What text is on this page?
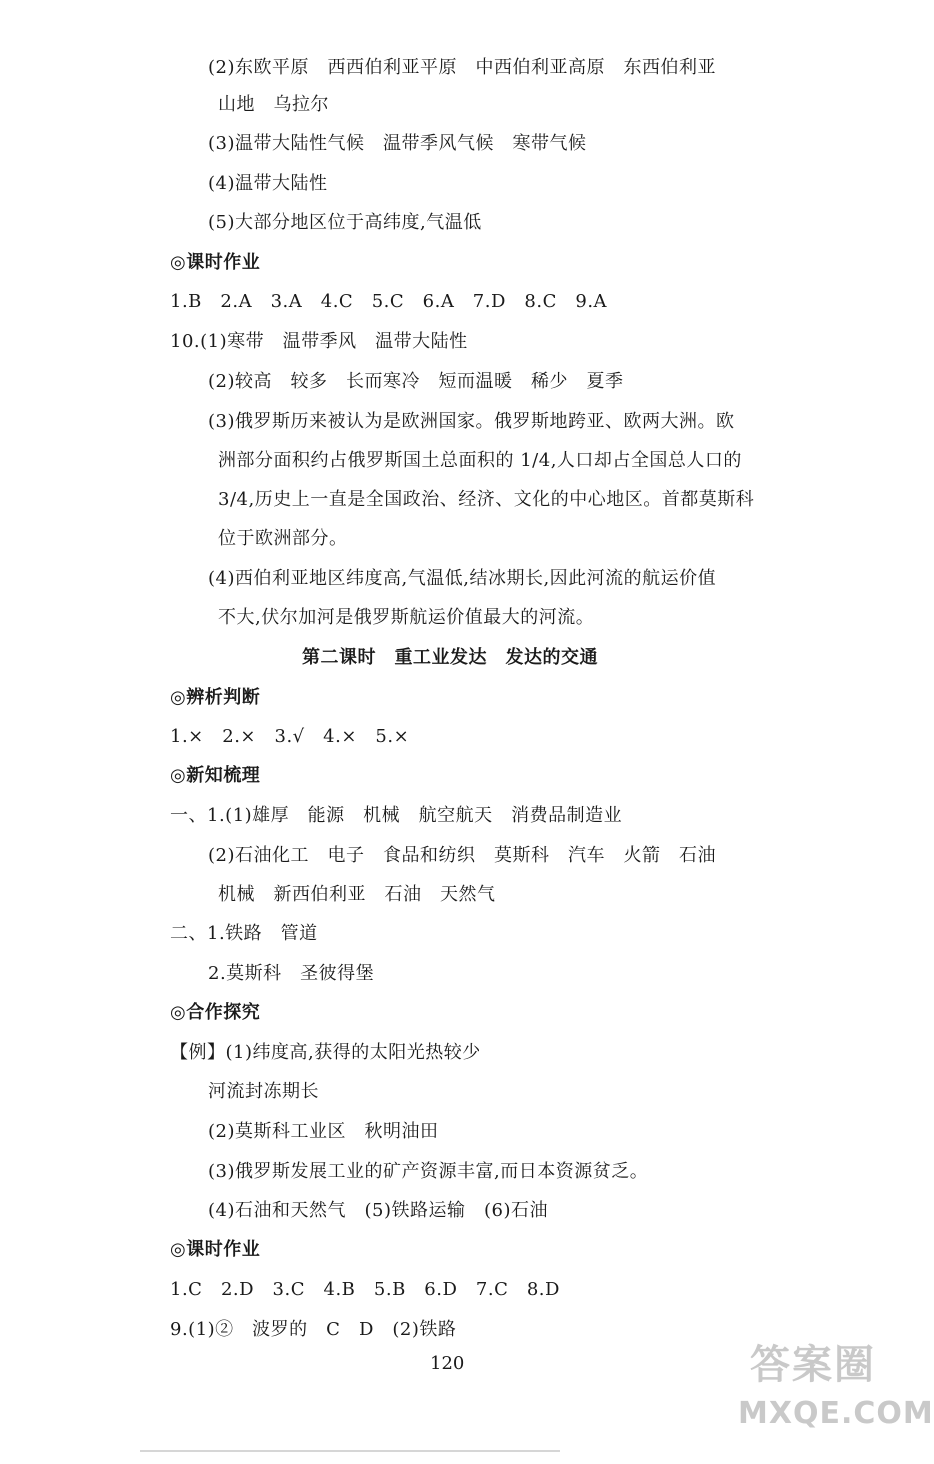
(2)东欧平原　西西伯利亚平原　中西伯利亚高原　东西伯利亚
山地　乌拉尔
(3)温带大陆性气候　温带季风气候　寒带气候
(4)温带大陆性
(5)大部分地区位于高纬度,气温低
◎课时作业
1.B　2.A　3.A　4.C　5.C　6.A　7.D　8.C　9.A
10.(1)寒带　温带季风　温带大陆性
(2)较高　较多　长而寒冷　短而温暖　稀少　夏季
(3)俄罗斯历来被认为是欧洲国家。俄罗斯地跨亚、欧两大洲。欧
洲部分面积约占俄罗斯国土总面积的 1/4,人口却占全国总人口的
3/4,历史上一直是全国政治、经济、文化的中心地区。首都莫斯科
位于欧洲部分。
(4)西伯利亚地区纬度高,气温低,结冰期长,因此河流的航运价值
不大,伏尔加河是俄罗斯航运价值最大的河流。
第二课时　重工业发达　发达的交通
◎辨析判断
1.×　2.×　3.√　4.×　5.×
◎新知梳理
一、1.(1)雄厚　能源　机械　航空航天　消费品制造业
(2)石油化工　电子　食品和纺织　莫斯科　汽车　火箭　石油
机械　新西伯利亚　石油　天然气
二、1.铁路　管道
2.莫斯科　圣彼得堡
◎合作探究
【例】(1)纬度高,获得的太阳光热较少
河流封冻期长
(2)莫斯科工业区　秋明油田
(3)俄罗斯发展工业的矿产资源丰富,而日本资源贫乏。
(4)石油和天然气　(5)铁路运输　(6)石油
◎课时作业
1.C　2.D　3.C　4.B　5.B　6.D　7.C　8.D
9.(1)②　波罗的　C　D　(2)铁路
120	答案圈
MXQE.COM
